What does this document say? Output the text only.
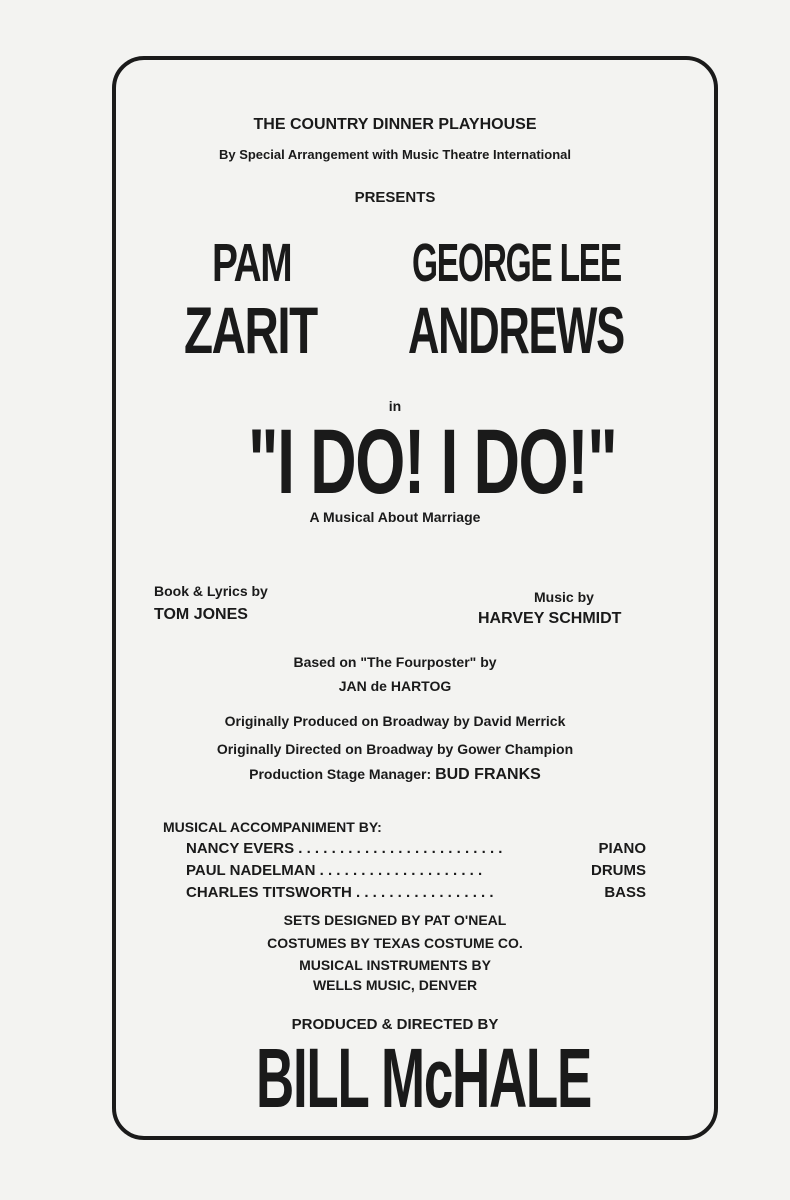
THE COUNTRY DINNER PLAYHOUSE
By Special Arrangement with Music Theatre International
PRESENTS
PAM
ZARIT
GEORGE LEE
ANDREWS
in
"I DO! I DO!"
A Musical About Marriage
Book & Lyrics by
TOM JONES
Music by
HARVEY SCHMIDT
Based on "The Fourposter" by
JAN de HARTOG
Originally Produced on Broadway by David Merrick
Originally Directed on Broadway by Gower Champion
Production Stage Manager: BUD FRANKS
MUSICAL ACCOMPANIMENT BY:
NANCY EVERS . . . . . . . . . . . . . . . . . . . . . . . . .	PIANO
PAUL NADELMAN . . . . . . . . . . . . . . . . . . . .	DRUMS
CHARLES TITSWORTH . . . . . . . . . . . . . . . . .	BASS
SETS DESIGNED BY PAT O'NEAL
COSTUMES BY TEXAS COSTUME CO.
MUSICAL INSTRUMENTS BY
WELLS MUSIC, DENVER
PRODUCED & DIRECTED BY
BILL McHALE
